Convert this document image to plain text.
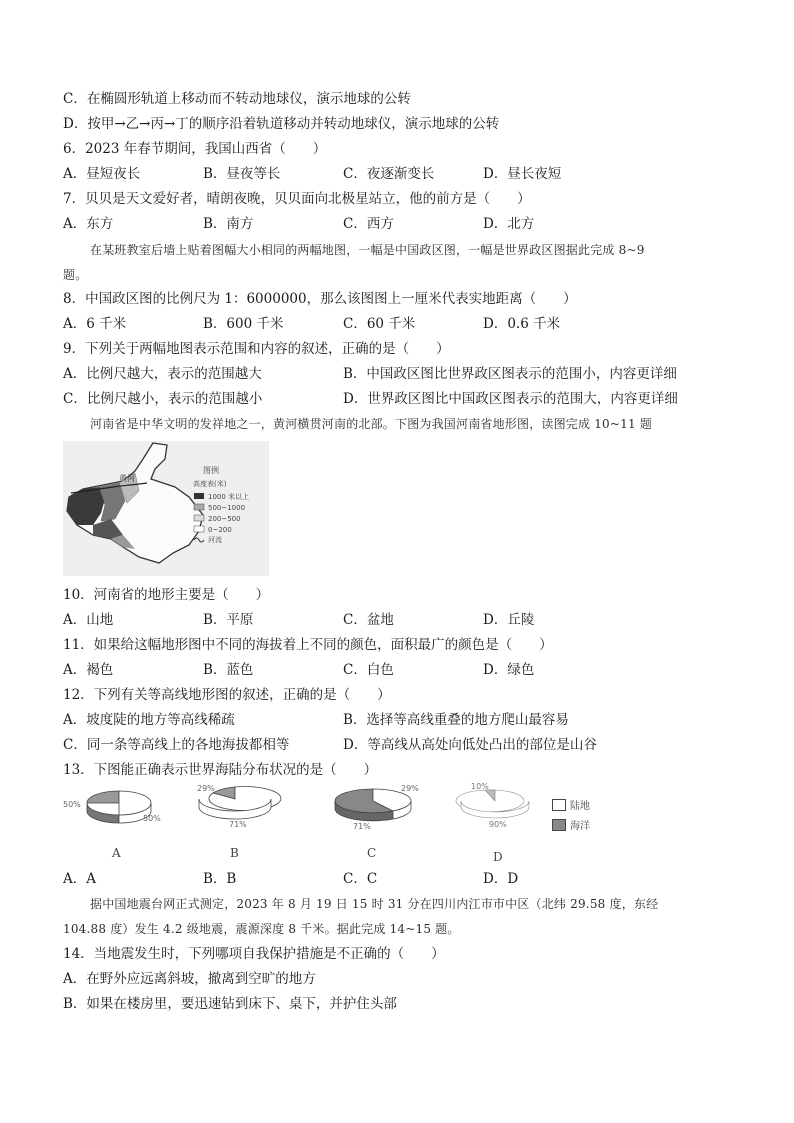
C．在椭圆形轨道上移动而不转动地球仪，演示地球的公转
D．按甲→乙→丙→丁的顺序沿着轨道移动并转动地球仪，演示地球的公转
6．2023 年春节期间，我国山西省（　　）
A．昼短夜长	B．昼夜等长	C．夜逐渐变长	D．昼长夜短
7．贝贝是天文爱好者，晴朗夜晚，贝贝面向北极星站立，他的前方是（　　）
A．东方	B．南方	C．西方	D．北方
在某班教室后墙上贴着图幅大小相同的两幅地图，一幅是中国政区图，一幅是世界政区图据此完成 8~9
题。
8．中国政区图的比例尺为 1：6000000，那么该图图上一厘米代表实地距离（　　）
A．6 千米	B．600 千米	C．60 千米	D．0.6 千米
9．下列关于两幅地图表示范围和内容的叙述，正确的是（　　）
A．比例尺越大，表示的范围越大	B．中国政区图比世界政区图表示的范围小，内容更详细
C．比例尺越小，表示的范围越小	D．世界政区图比中国政区图表示的范围大，内容更详细
河南省是中华文明的发祥地之一，黄河横贯河南的北部。下图为我国河南省地形图，读图完成 10~11 题
黄河
图例
高度表(米)
1000 米以上
500~1000
200~500
0~200
河流
10．河南省的地形主要是（　　）
A．山地	B．平原	C．盆地	D．丘陵
11．如果给这幅地形图中不同的海拔着上不同的颜色，面积最广的颜色是（　　）
A．褐色	B．蓝色	C．白色	D．绿色
12．下列有关等高线地形图的叙述，正确的是（　　）
A．坡度陡的地方等高线稀疏	B．选择等高线重叠的地方爬山最容易
C．同一条等高线上的各地海拔都相等	D．等高线从高处向低处凸出的部位是山谷
13．下图能正确表示世界海陆分布状况的是（　　）
50%
50%
A
29%
71%
B
29%
71%
C
10%
90%
D
陆地
海洋
A．A	B．B	C．C	D．D
据中国地震台网正式测定，2023 年 8 月 19 日 15 时 31 分在四川内江市市中区（北纬 29.58 度，东经
104.88 度）发生 4.2 级地震，震源深度 8 千米。据此完成 14~15 题。
14．当地震发生时，下列哪项自我保护措施是不正确的（　　）
A．在野外应远离斜坡，撤离到空旷的地方
B．如果在楼房里，要迅速钻到床下、桌下，并护住头部
